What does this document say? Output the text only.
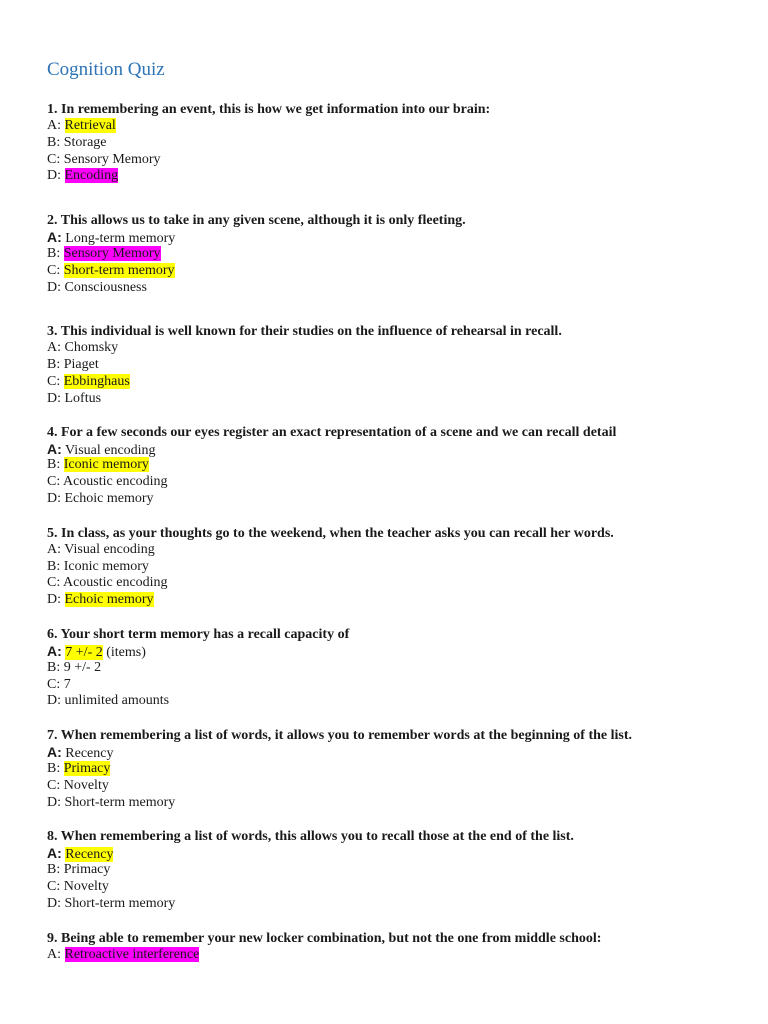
Cognition Quiz
1. In remembering an event, this is how we get information into our brain:
A: Retrieval
B: Storage
C: Sensory Memory
D: Encoding
2. This allows us to take in any given scene, although it is only fleeting.
A: Long-term memory
B: Sensory Memory
C: Short-term memory
D: Consciousness
3. This individual is well known for their studies on the influence of rehearsal in recall.
A: Chomsky
B: Piaget
C: Ebbinghaus
D: Loftus
4. For a few seconds our eyes register an exact representation of a scene and we can recall detail
A: Visual encoding
B: Iconic memory
C: Acoustic encoding
D: Echoic memory
5. In class, as your thoughts go to the weekend, when the teacher asks you can recall her words.
A: Visual encoding
B: Iconic memory
C: Acoustic encoding
D: Echoic memory
6. Your short term memory has a recall capacity of
A: 7 +/- 2 (items)
B: 9 +/- 2
C: 7
D: unlimited amounts
7. When remembering a list of words, it allows you to remember words at the beginning of the list.
A: Recency
B: Primacy
C: Novelty
D: Short-term memory
8. When remembering a list of words, this allows you to recall those at the end of the list.
A: Recency
B: Primacy
C: Novelty
D: Short-term memory
9. Being able to remember your new locker combination, but not the one from middle school:
A: Retroactive interference
